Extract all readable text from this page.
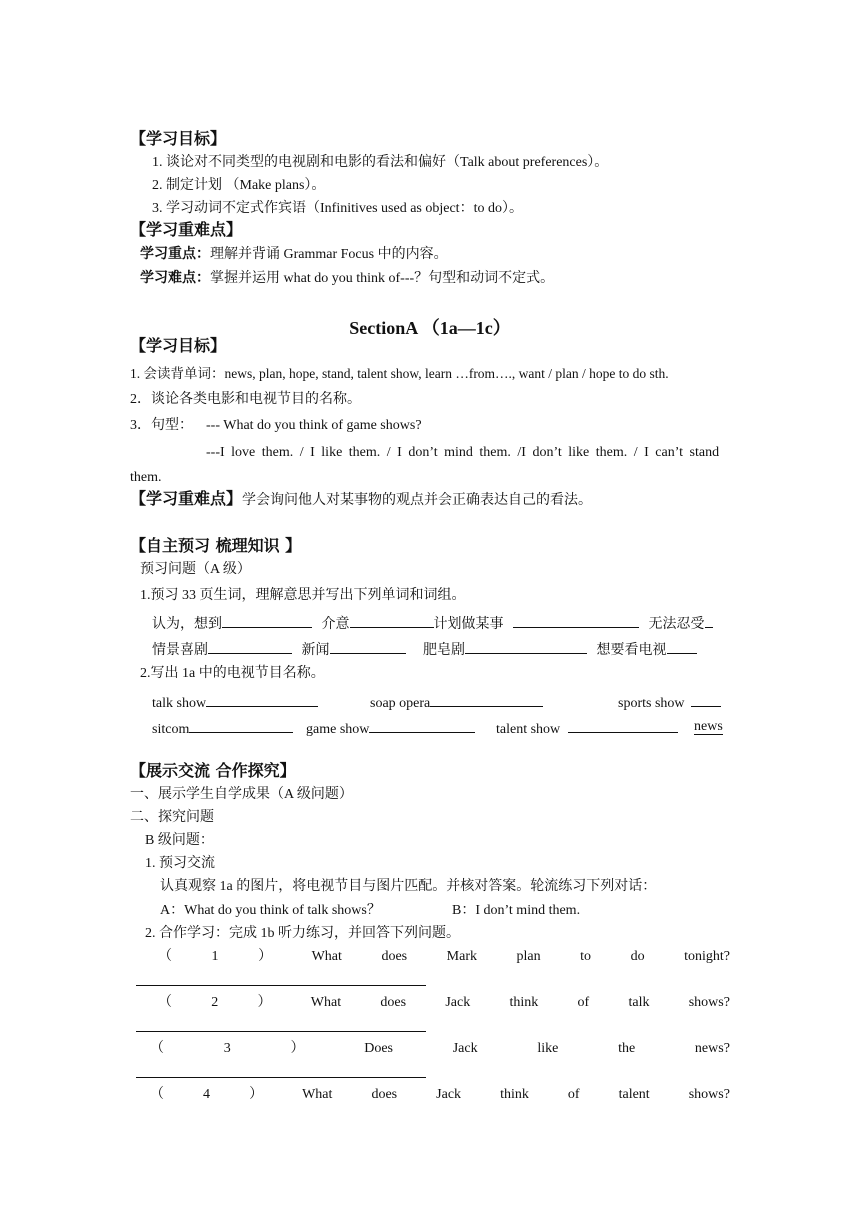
【学习目标】
1. 谈论对不同类型的电视剧和电影的看法和偏好（Talk about preferences）。
2. 制定计划 （Make plans）。
3. 学习动词不定式作宾语（Infinitives used as object：to do）。
【学习重难点】
学习重点：理解并背诵 Grammar Focus 中的内容。
学习难点：掌握并运用 what do you think of---？句型和动词不定式。
SectionA （1a—1c）
【学习目标】
1. 会读背单词：news, plan, hope, stand, talent show, learn …from…., want / plan / hope to do sth.
2．谈论各类电影和电视节目的名称。
3．句型： --- What do you think of game shows?
---I love them. / I like them. / I don’t mind them. /I don’t like them. / I can’t stand
them.
【学习重难点】学会询问他人对某事物的观点并会正确表达自己的看法。
【自主预习 梳理知识 】
预习问题（A 级）
1.预习 33 页生词，理解意思并写出下列单词和词组。
认为，想到	介意	计划做某事	无法忍受
情景喜剧	新闻	肥皂剧	想要看电视
2.写出 1a 中的电视节目名称。
talk show	soap opera	sports show
sitcom	game show	talent show	news
【展示交流 合作探究】
一、展示学生自学成果（A 级问题）
二、探究问题
B 级问题：
1. 预习交流
认真观察 1a 的图片，将电视节目与图片匹配。并核对答案。轮流练习下列对话：
A：What do you think of talk shows？	B：I don’t mind them.
2. 合作学习：完成 1b 听力练习，并回答下列问题。
（	1	）	What	does	Mark	plan	to	do	tonight?
（	2	）	What	does	Jack	think	of	talk	shows?
（	3	）	Does	Jack	like	the	news?
（	4	）	What	does	Jack	think	of	talent	shows?
